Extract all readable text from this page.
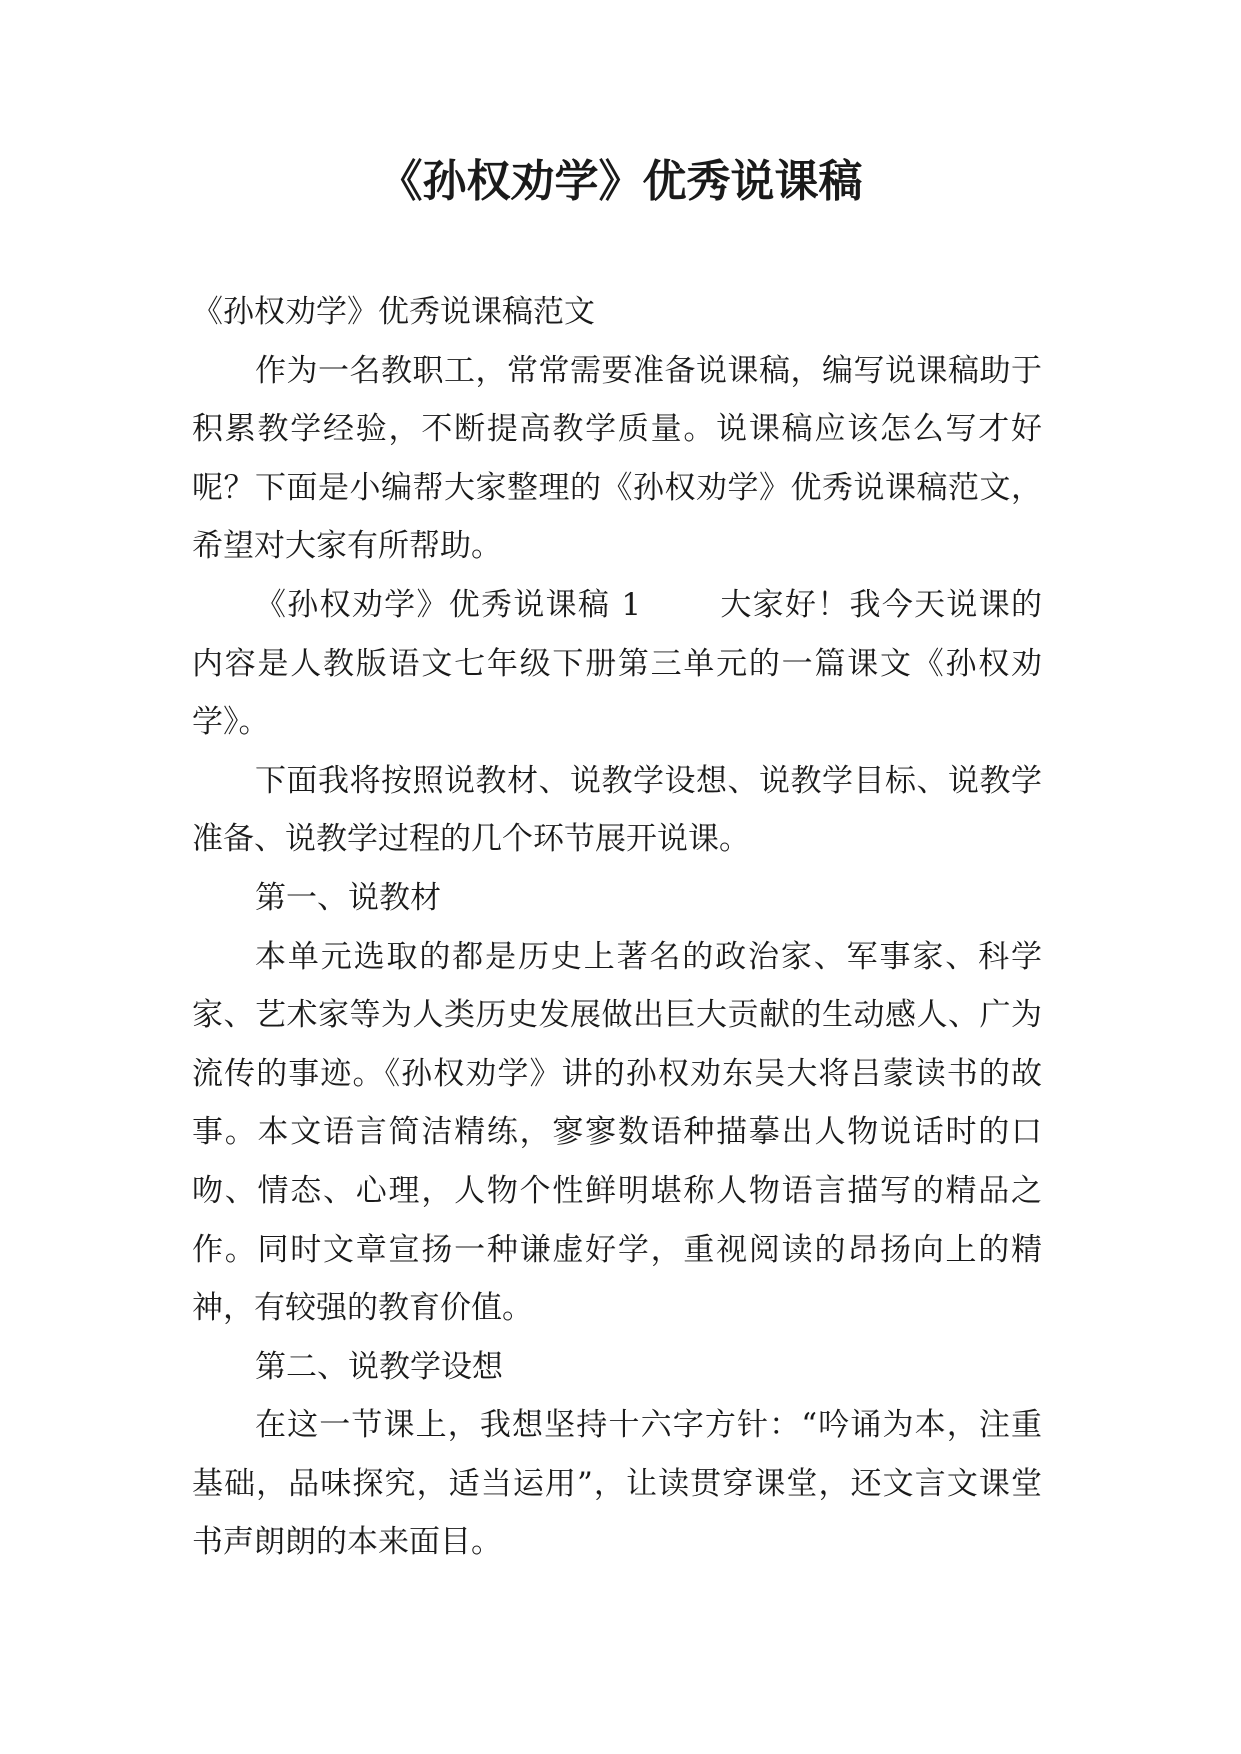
《孙权劝学》优秀说课稿

《孙权劝学》优秀说课稿范文

作为一名教职工，常常需要准备说课稿，编写说课稿助于积累教学经验，不断提高教学质量。说课稿应该怎么写才好呢？下面是小编帮大家整理的《孙权劝学》优秀说课稿范文，希望对大家有所帮助。

《孙权劝学》优秀说课稿 1	大家好！我今天说课的内容是人教版语文七年级下册第三单元的一篇课文《孙权劝学》。

下面我将按照说教材、说教学设想、说教学目标、说教学准备、说教学过程的几个环节展开说课。

第一、说教材

本单元选取的都是历史上著名的政治家、军事家、科学家、艺术家等为人类历史发展做出巨大贡献的生动感人、广为流传的事迹。《孙权劝学》讲的孙权劝东吴大将吕蒙读书的故事。本文语言简洁精练，寥寥数语种描摹出人物说话时的口吻、情态、心理，人物个性鲜明堪称人物语言描写的精品之作。同时文章宣扬一种谦虚好学，重视阅读的昂扬向上的精神，有较强的教育价值。

第二、说教学设想

在这一节课上，我想坚持十六字方针：“吟诵为本，注重基础，品味探究，适当运用”，让读贯穿课堂，还文言文课堂书声朗朗的本来面目。
